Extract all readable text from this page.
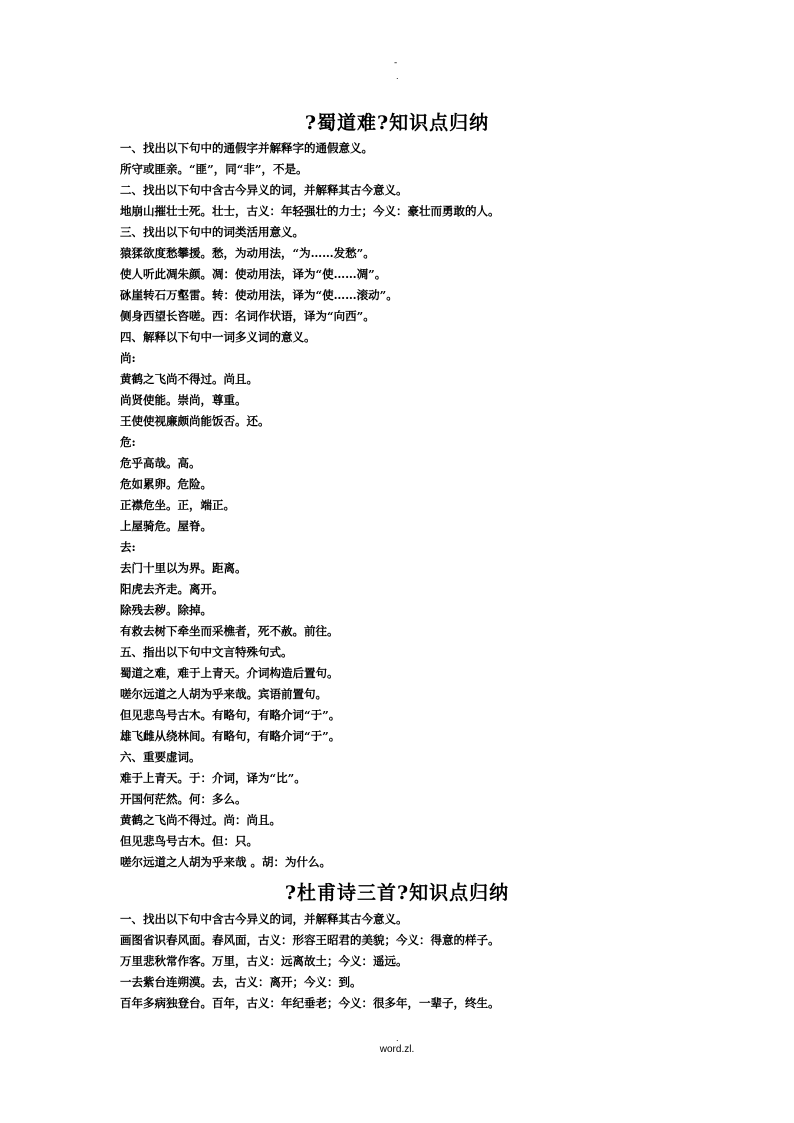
-
.
?蜀道难?知识点归纳
一、找出以下句中的通假字并解释字的通假意义。
所守或匪亲。“匪”，同“非”，不是。
二、找出以下句中含古今异义的词，并解释其古今意义。
地崩山摧壮士死。壮士，古义：年轻强壮的力士；今义：豪壮而勇敢的人。
三、找出以下句中的词类活用意义。
猿猱欲度愁攀援。愁，为动用法，“为……发愁”。
使人听此凋朱颜。凋：使动用法，译为“使……凋”。
砯崖转石万壑雷。转：使动用法，译为“使……滚动”。
侧身西望长咨嗟。西：名词作状语，译为“向西”。
四、解释以下句中一词多义词的意义。
尚:
黄鹤之飞尚不得过。尚且。
尚贤使能。崇尚，尊重。
王使使视廉颇尚能饭否。还。
危:
危乎高哉。高。
危如累卵。危险。
正襟危坐。正，端正。
上屋骑危。屋脊。
去:
去门十里以为界。距离。
阳虎去齐走。离开。
除残去秽。除掉。
有救去树下牵坐而采樵者，死不赦。前往。
五、指出以下句中文言特殊句式。
蜀道之难，难于上青天。介词构造后置句。
嗟尔远道之人胡为乎来哉。宾语前置句。
但见悲鸟号古木。有略句，有略介词“于”。
雄飞雌从绕林间。有略句，有略介词“于”。
六、重要虚词。
难于上青天。于：介词，译为“比”。
开国何茫然。何：多么。
黄鹤之飞尚不得过。尚：尚且。
但见悲鸟号古木。但：只。
嗟尔远道之人胡为乎来哉 。胡：为什么。
?杜甫诗三首?知识点归纳
一、找出以下句中含古今异义的词，并解释其古今意义。
画图省识春风面。春风面，古义：形容王昭君的美貌；今义：得意的样子。
万里悲秋常作客。万里，古义：远离故土；今义：遥远。
一去紫台连朔漠。去，古义：离开；今义：到。
百年多病独登台。百年，古义：年纪垂老；今义：很多年，一辈子，终生。
.
word.zl.
